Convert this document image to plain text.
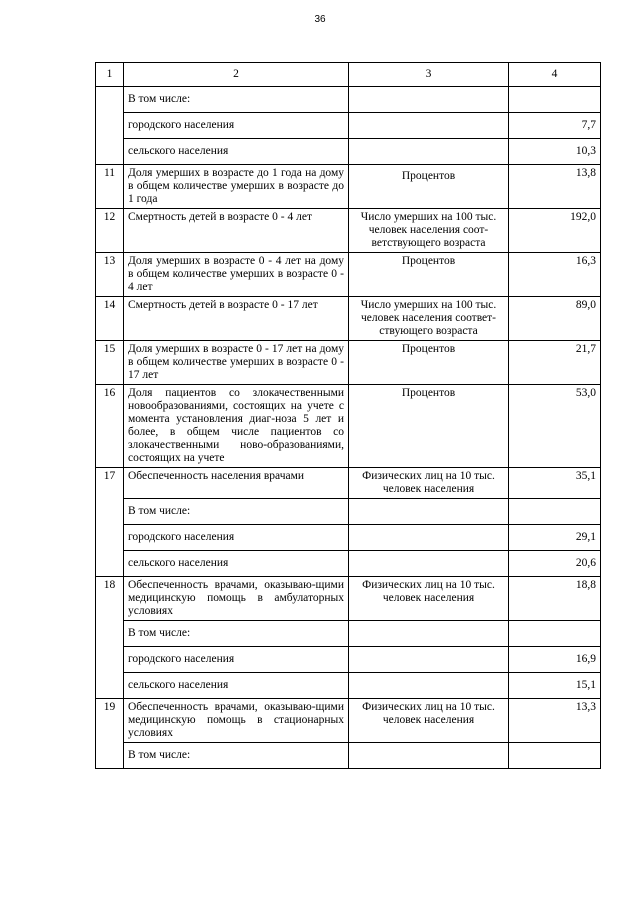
36
1	2	3	4
	В том числе:		
	городского населения		7,7
	сельского населения		10,3
11	Доля умерших в возрасте до 1 года на дому в общем количестве умерших в возрасте до 1 года	Процентов	13,8
12	Смертность детей в возрасте 0 - 4 лет	Число умерших на 100 тыс. человек населения соот-ветствующего возраста	192,0
13	Доля умерших в возрасте 0 - 4 лет на дому в общем количестве умерших в возрасте 0 - 4 лет	Процентов	16,3
14	Смертность детей в возрасте 0 - 17 лет	Число умерших на 100 тыс. человек населения соответ-ствующего возраста	89,0
15	Доля умерших в возрасте 0 - 17 лет на дому в общем количестве умерших в возрасте 0 - 17 лет	Процентов	21,7
16	Доля пациентов со злокачественными новообразованиями, состоящих на учете с момента установления диаг-ноза 5 лет и более, в общем числе пациентов со злокачественными ново-образованиями, состоящих на учете	Процентов	53,0
17	Обеспеченность населения врачами	Физических лиц на 10 тыс. человек населения	35,1
	В том числе:		
	городского населения		29,1
	сельского населения		20,6
18	Обеспеченность врачами, оказываю-щими медицинскую помощь в амбулаторных условиях	Физических лиц на 10 тыс. человек населения	18,8
	В том числе:		
	городского населения		16,9
	сельского населения		15,1
19	Обеспеченность врачами, оказываю-щими медицинскую помощь в стационарных условиях	Физических лиц на 10 тыс. человек населения	13,3
	В том числе:		
